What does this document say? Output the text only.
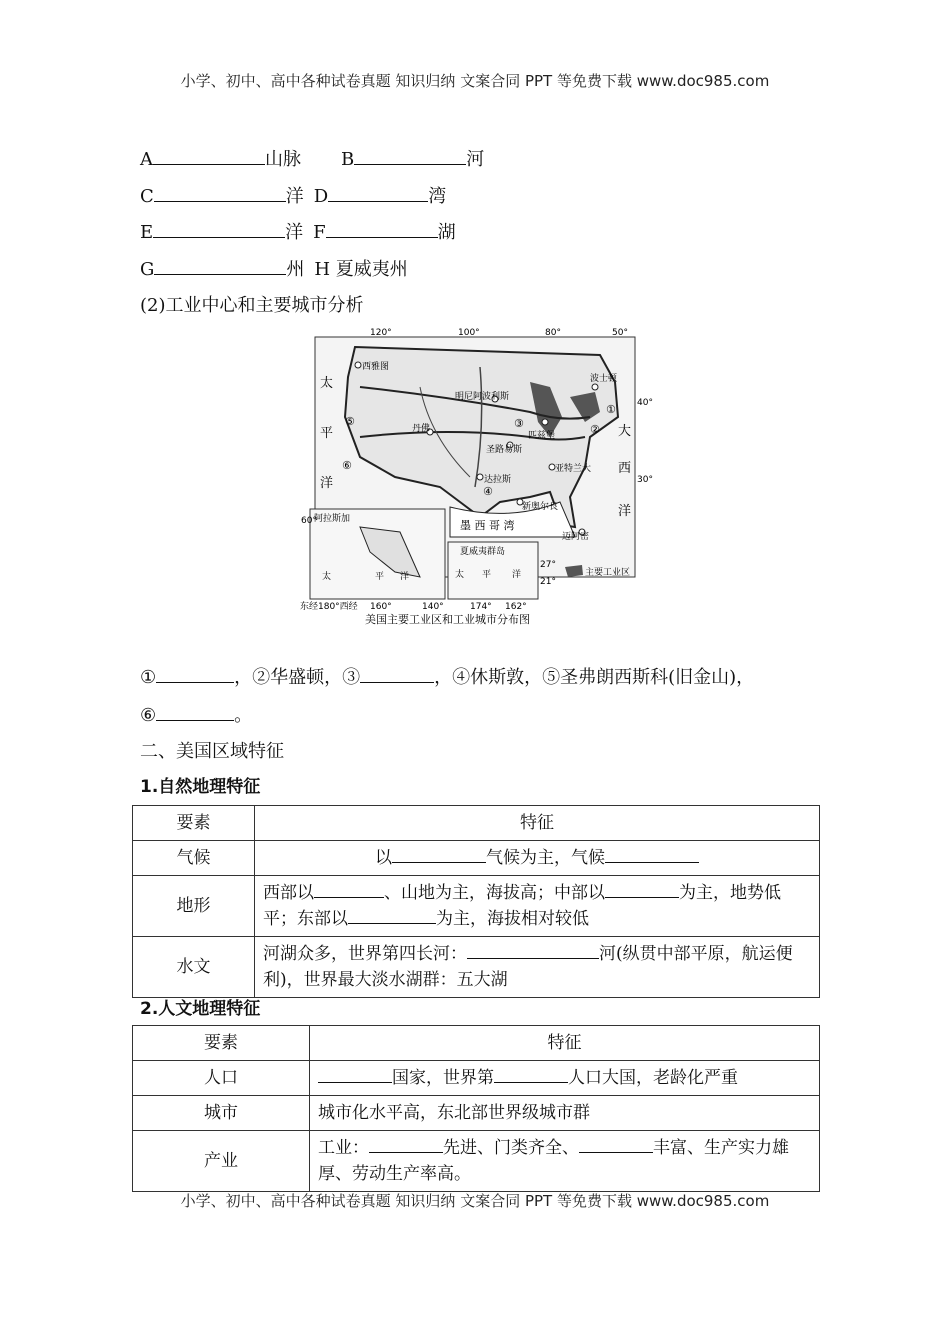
小学、初中、高中各种试卷真题 知识归纳 文案合同 PPT 等免费下载 www.doc985.com
A	山脉 B	河
C	洋 D	湾
E	洋 F	湖
G	州 H 夏威夷州
(2)工业中心和主要城市分析
西雅图
明尼阿波利斯
丹佛
圣路易斯
匹兹堡
波士顿
达拉斯
亚特兰大
新奥尔良
迈阿密
墨 西 哥 湾
120°	100°	80°	50°
40°
30°
太
平
洋
大
西
洋
①
②
③
④
⑤
⑥
阿拉斯加
60°
太	平 洋
夏威夷群岛
太 平 洋
27°
21°
主要工业区
东经180°西经 160°	140°	174° 162°
美国主要工业区和工业城市分布图
①	，②华盛顿，③	，④休斯敦，⑤圣弗朗西斯科(旧金山)，
⑥	。
二、美国区域特征
1.自然地理特征
要素	特征
气候	以 气候为主，气候
地形	西部以 、山地为主，海拔高；中部以 为主，地势低平；东部以 为主，海拔相对较低
水文	河湖众多，世界第四长河： 河(纵贯中部平原，航运便利)，世界最大淡水湖群：五大湖
2.人文地理特征
要素	特征
人口	国家，世界第 人口大国，老龄化严重
城市	城市化水平高，东北部世界级城市群
产业	工业： 先进、门类齐全、 丰富、生产实力雄厚、劳动生产率高。
小学、初中、高中各种试卷真题 知识归纳 文案合同 PPT 等免费下载 www.doc985.com
